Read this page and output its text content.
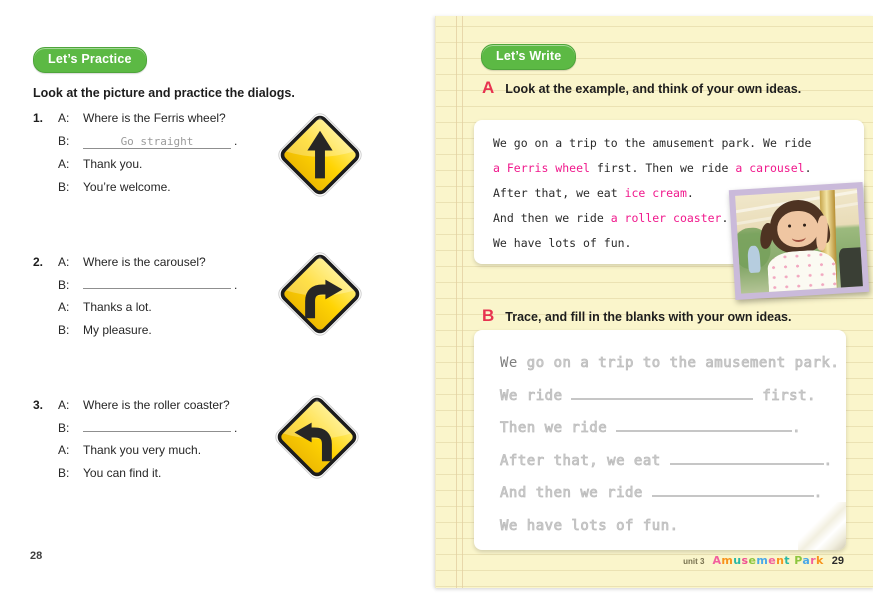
Let’s Practice
Look at the picture and practice the dialogs.
1.	A: Where is the Ferris wheel?
B:	Go straight	.
A: Thank you.
B: You’re welcome.
2.	A: Where is the carousel?
B:	.
A: Thanks a lot.
B: My pleasure.
3.	A: Where is the roller coaster?
B:	.
A: Thank you very much.
B: You can find it.
28
Let’s Write
A Look at the example, and think of your own ideas.
We go on a trip to the amusement park. We ride
a Ferris wheel first. Then we ride a carousel.
After that, we eat ice cream.
And then we ride a roller coaster.
We have lots of fun.
B Trace, and fill in the blanks with your own ideas.
We go on a trip to the amusement park.
We ride	first.
Then we ride	.
After that, we eat	.
And then we ride	.
We have lots of fun.
unit 3 Amusement Park 29
